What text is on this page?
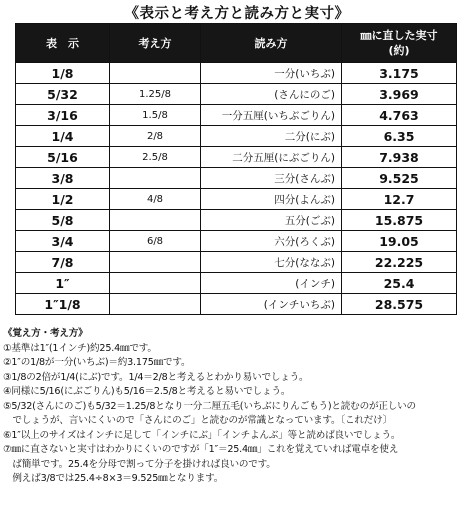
《表示と考え方と読み方と実寸》
表　示	考え方	読み方	㎜に直した実寸
(約)
1/8		一分(いちぶ)	3.175
5/32	1.25/8	(さんにのご)	3.969
3/16	1.5/8	一分五厘(いちぶごりん)	4.763
1/4	2/8	二分(にぶ)	6.35
5/16	2.5/8	二分五厘(にぶごりん)	7.938
3/8		三分(さんぶ)	9.525
1/2	4/8	四分(よんぶ)	12.7
5/8		五分(ごぶ)	15.875
3/4	6/8	六分(ろくぶ)	19.05
7/8		七分(ななぶ)	22.225
1″		(インチ)	25.4
1″1/8		(インチいちぶ)	28.575
《覚え方・考え方》
①基準は1″(1インチ)約25.4㎜です。
②1″の1/8が一分(いちぶ)＝約3.175㎜です。
③1/8の2倍が1/4(にぶ)です。1/4＝2/8と考えるとわかり易いでしょう。
④同様に5/16(にぶごりん)も5/16＝2.5/8と考えると易いでしょう。
⑤5/32(さんにのご)も5/32＝1.25/8となり一分二厘五毛(いちぶにりんごもう)と読むのが正しいの
　でしょうが、言いにくいので「さんにのご」と読むのが常識となっています。〔これだけ〕
⑥1″以上のサイズはインチに足して「インチにぶ」「インチよんぶ」等と読めば良いでしょう。
⑦㎜に直さないと実寸はわかりにくいのですが「1″＝25.4㎜」これを覚えていれば電卓を使え
　ば簡単です。25.4を分母で割って分子を掛ければ良いのです。
　例えば3/8では25.4÷8×3＝9.525㎜となります。
